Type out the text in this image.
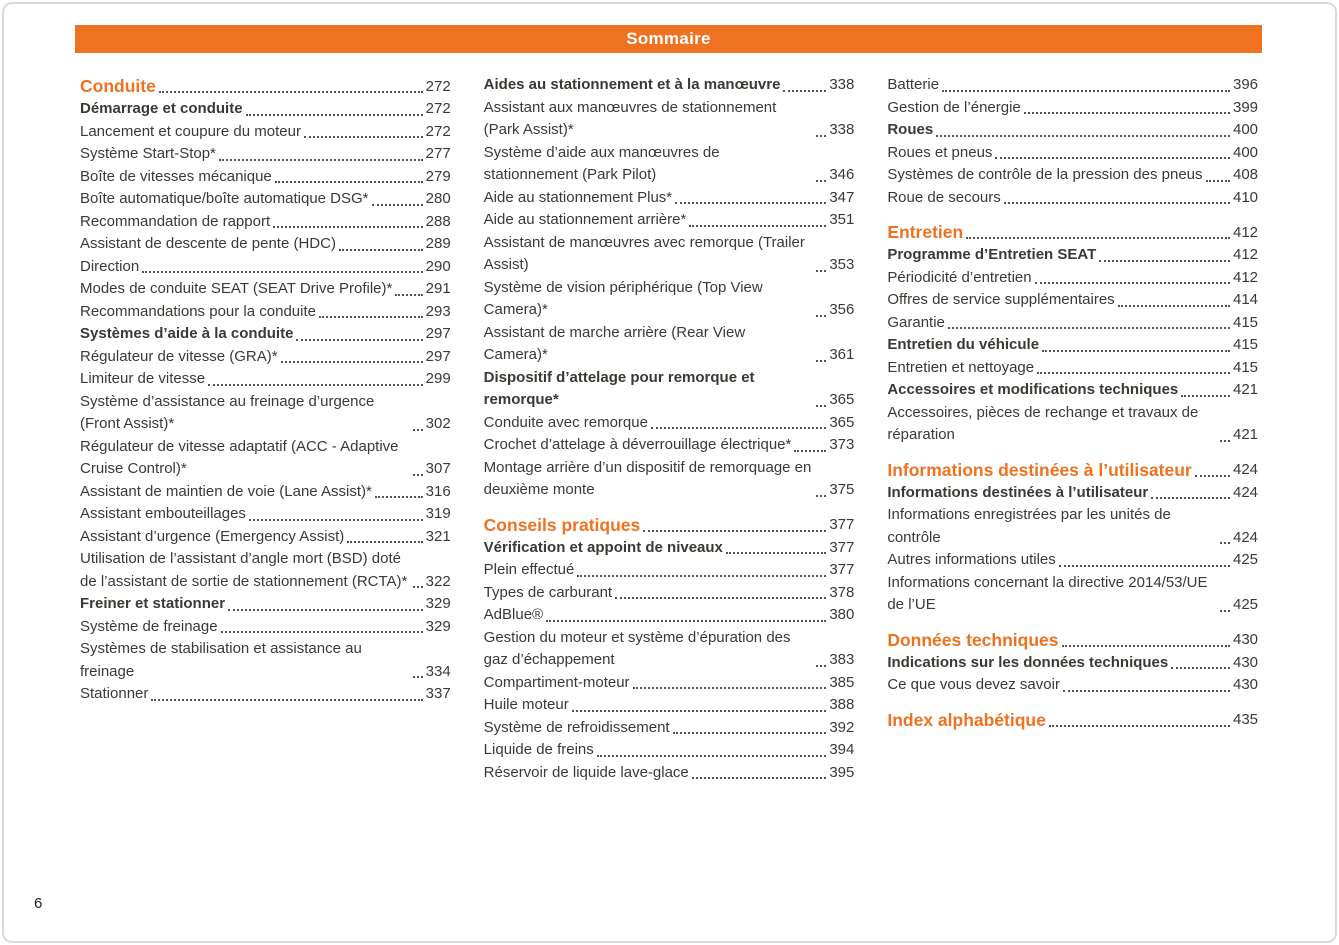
Sommaire
Conduite	272
Démarrage et conduite	272
Lancement et coupure du moteur	272
Système Start-Stop*	277
Boîte de vitesses mécanique	279
Boîte automatique/boîte automatique DSG*	280
Recommandation de rapport	288
Assistant de descente de pente (HDC)	289
Direction	290
Modes de conduite SEAT (SEAT Drive Profile)* 291
Recommandations pour la conduite	293
Systèmes d’aide à la conduite	297
Régulateur de vitesse (GRA)*	297
Limiteur de vitesse	299
Système d’assistance au freinage d’urgence (Front Assist)*	302
Régulateur de vitesse adaptatif (ACC - Adaptive Cruise Control)*	307
Assistant de maintien de voie (Lane Assist)*	316
Assistant embouteillages	319
Assistant d’urgence (Emergency Assist)	321
Utilisation de l’assistant d’angle mort (BSD) doté de l’assistant de sortie de stationnement (RCTA)* 322
Freiner et stationner	329
Système de freinage	329
Systèmes de stabilisation et assistance au freinage	334
Stationner	337
Aides au stationnement et à la manœuvre	338
Assistant aux manœuvres de stationnement (Park Assist)*	338
Système d’aide aux manœuvres de stationnement (Park Pilot)	346
Aide au stationnement Plus*	347
Aide au stationnement arrière*	351
Assistant de manœuvres avec remorque (Trailer Assist)	353
Système de vision périphérique (Top View Camera)*	356
Assistant de marche arrière (Rear View Camera)*	361
Dispositif d’attelage pour remorque et remorque*	365
Conduite avec remorque	365
Crochet d’attelage à déverrouillage électrique*	373
Montage arrière d’un dispositif de remorquage en deuxième monte	375
Conseils pratiques	377
Vérification et appoint de niveaux	377
Plein effectué	377
Types de carburant	378
AdBlue®	380
Gestion du moteur et système d’épuration des gaz d’échappement	383
Compartiment-moteur	385
Huile moteur	388
Système de refroidissement	392
Liquide de freins	394
Réservoir de liquide lave-glace	395
Batterie	396
Gestion de l’énergie	399
Roues	400
Roues et pneus	400
Systèmes de contrôle de la pression des pneus 408
Roue de secours	410
Entretien	412
Programme d’Entretien SEAT	412
Périodicité d’entretien	412
Offres de service supplémentaires	414
Garantie	415
Entretien du véhicule	415
Entretien et nettoyage	415
Accessoires et modifications techniques	421
Accessoires, pièces de rechange et travaux de réparation	421
Informations destinées à l’utilisateur	424
Informations destinées à l’utilisateur	424
Informations enregistrées par les unités de contrôle	424
Autres informations utiles	425
Informations concernant la directive 2014/53/UE de l’UE	425
Données techniques	430
Indications sur les données techniques	430
Ce que vous devez savoir	430
Index alphabétique	435
6
